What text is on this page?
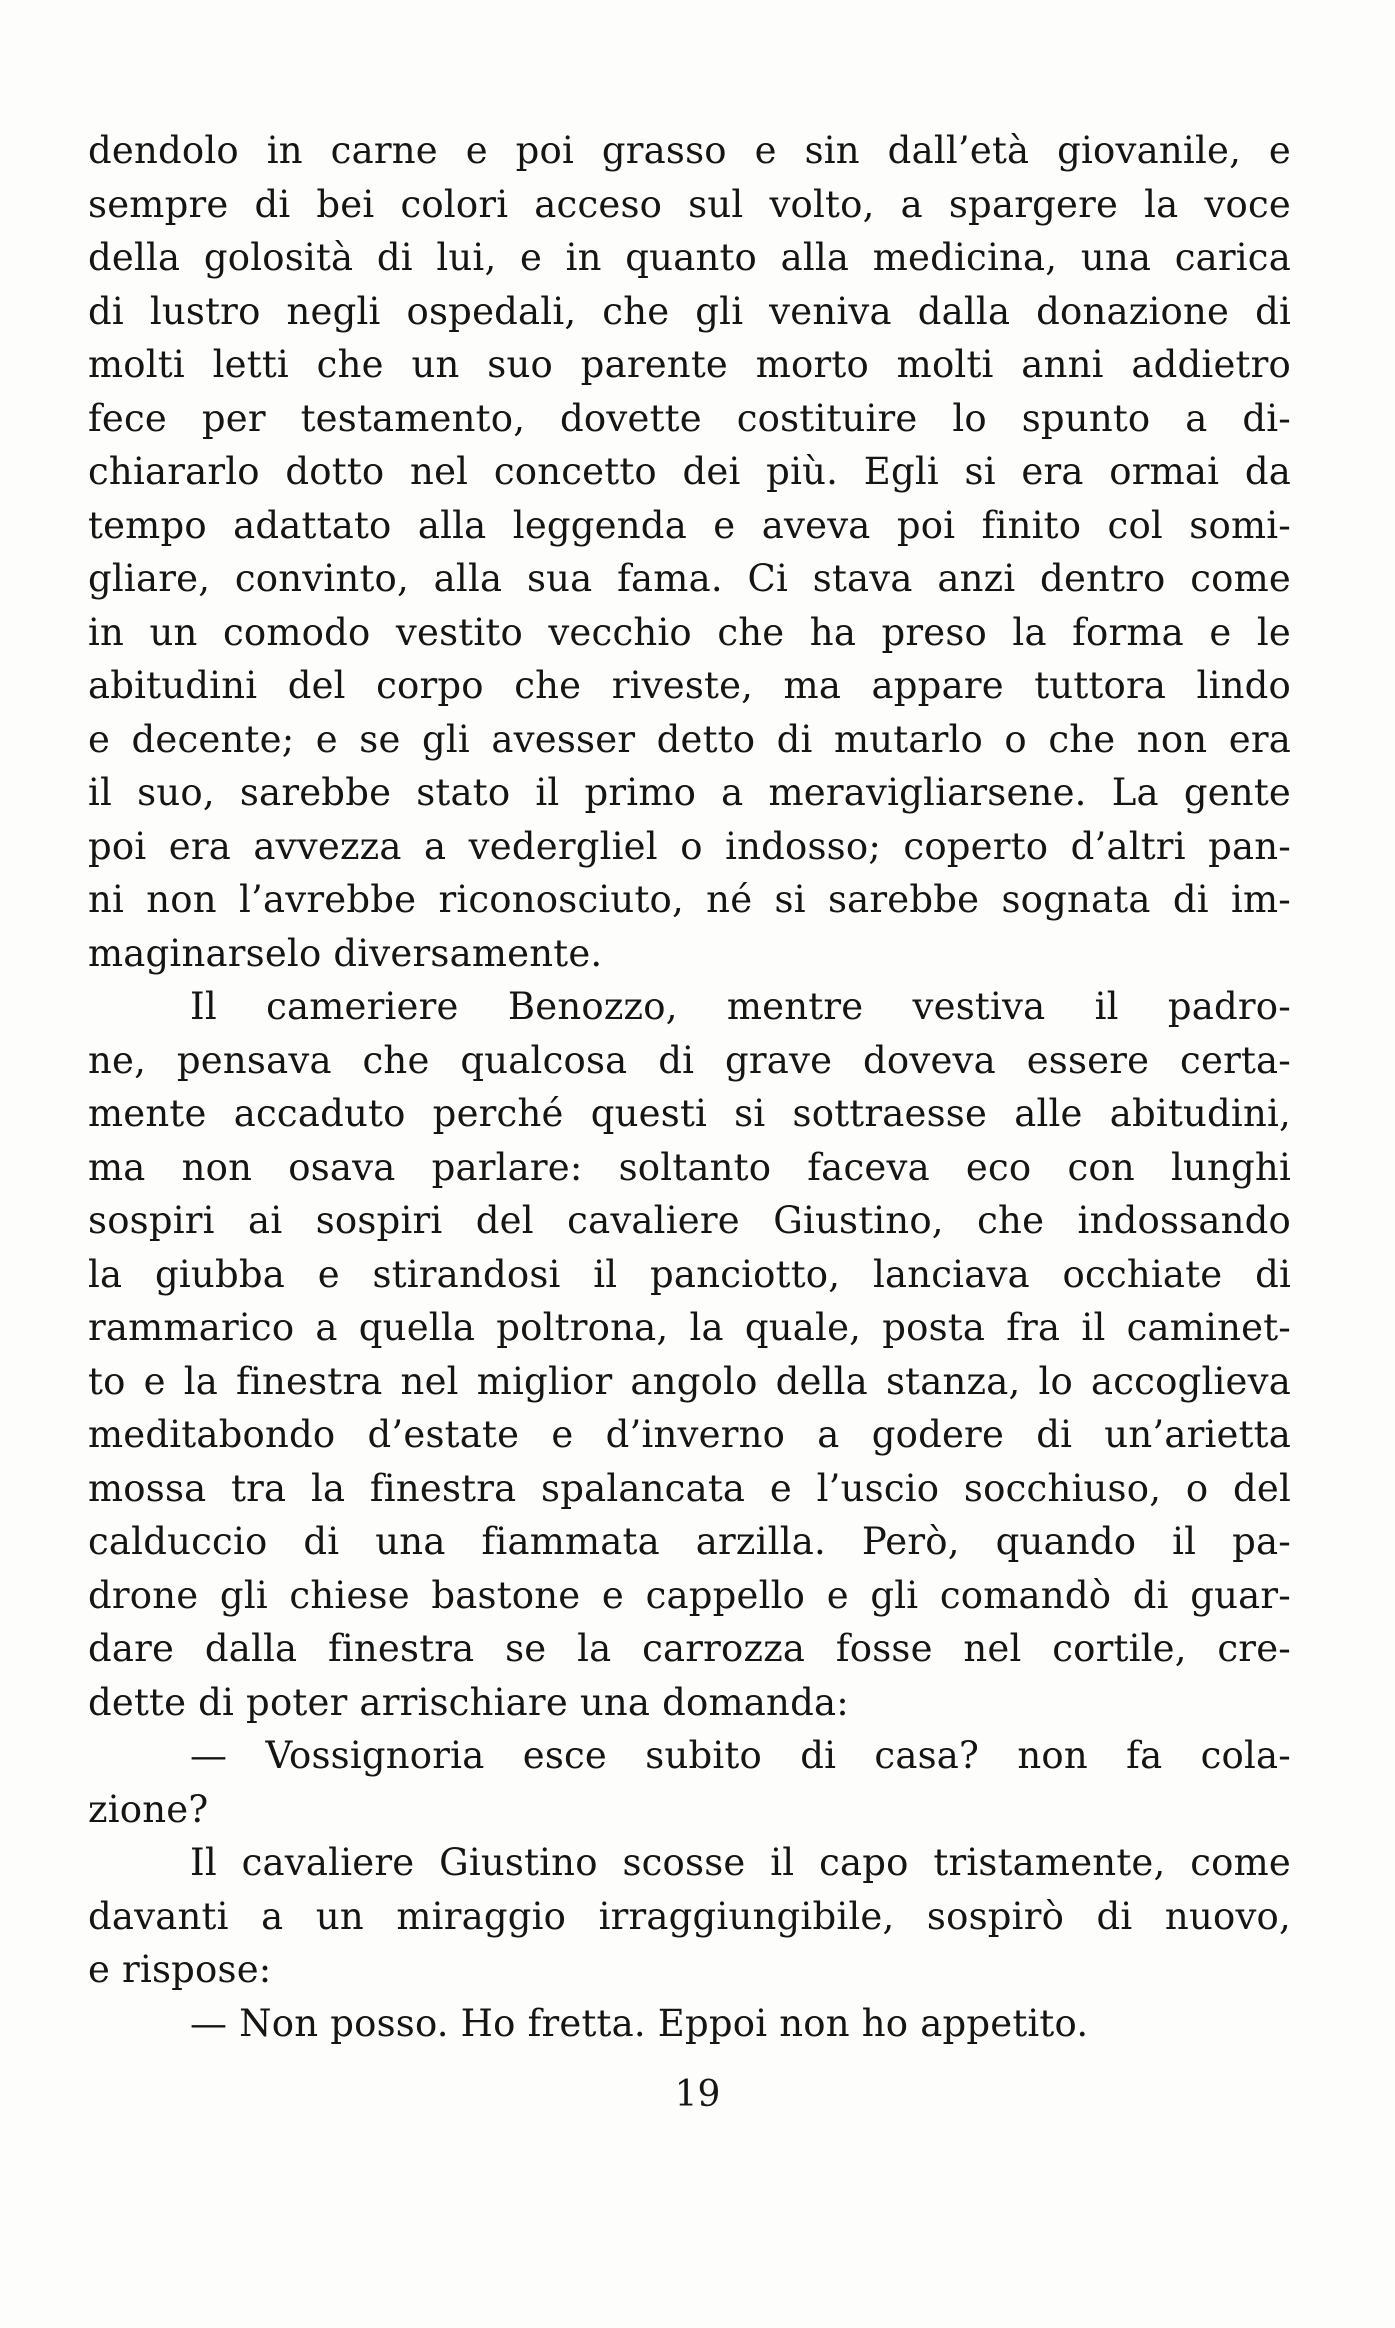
dendolo in carne e poi grasso e sin dall’età giovanile, e
sempre di bei colori acceso sul volto, a spargere la voce
della golosità di lui, e in quanto alla medicina, una carica
di lustro negli ospedali, che gli veniva dalla donazione di
molti letti che un suo parente morto molti anni addietro
fece per testamento, dovette costituire lo spunto a di-
chiararlo dotto nel concetto dei più. Egli si era ormai da
tempo adattato alla leggenda e aveva poi finito col somi-
gliare, convinto, alla sua fama. Ci stava anzi dentro come
in un comodo vestito vecchio che ha preso la forma e le
abitudini del corpo che riveste, ma appare tuttora lindo
e decente; e se gli avesser detto di mutarlo o che non era
il suo, sarebbe stato il primo a meravigliarsene. La gente
poi era avvezza a vedergliel o indosso; coperto d’altri pan-
ni non l’avrebbe riconosciuto, né si sarebbe sognata di im-
maginarselo diversamente.
Il cameriere Benozzo, mentre vestiva il padro-
ne, pensava che qualcosa di grave doveva essere certa-
mente accaduto perché questi si sottraesse alle abitudini,
ma non osava parlare: soltanto faceva eco con lunghi
sospiri ai sospiri del cavaliere Giustino, che indossando
la giubba e stirandosi il panciotto, lanciava occhiate di
rammarico a quella poltrona, la quale, posta fra il caminet-
to e la finestra nel miglior angolo della stanza, lo accoglieva
meditabondo d’estate e d’inverno a godere di un’arietta
mossa tra la finestra spalancata e l’uscio socchiuso, o del
calduccio di una fiammata arzilla. Però, quando il pa-
drone gli chiese bastone e cappello e gli comandò di guar-
dare dalla finestra se la carrozza fosse nel cortile, cre-
dette di poter arrischiare una domanda:
— Vossignoria esce subito di casa? non fa cola-
zione?
Il cavaliere Giustino scosse il capo tristamente, come
davanti a un miraggio irraggiungibile, sospirò di nuovo,
e rispose:
— Non posso. Ho fretta. Eppoi non ho appetito.
19
